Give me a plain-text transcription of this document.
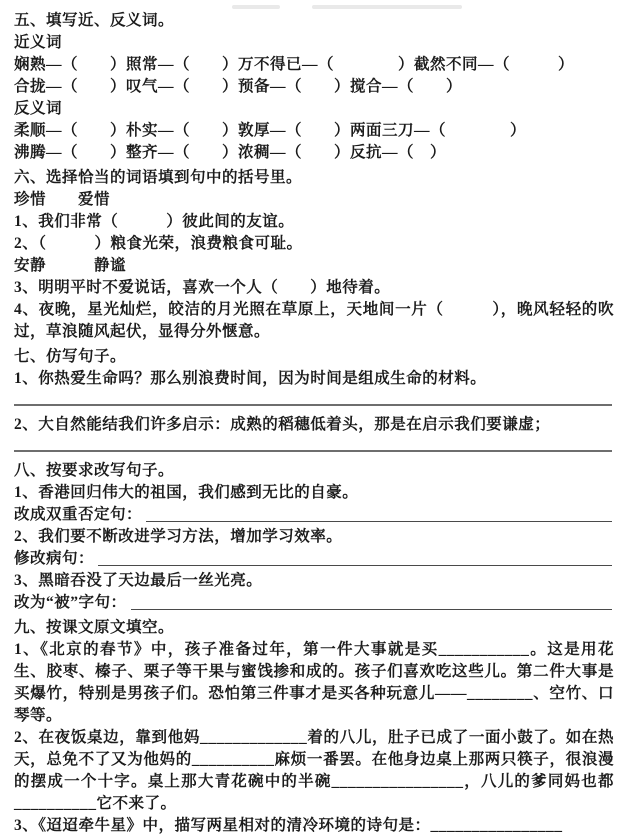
五、填写近、反义词。
近义词
娴熟—（　　）照常—（　　）万不得已—（　　　　）截然不同—（　　　）
合拢—（　　）叹气—（　　）预备—（　　）搅合—（　　）
反义词
柔顺—（　　）朴实—（　　）敦厚—（　　）两面三刀—（　　　　）
沸腾—（　　）整齐—（　　）浓稠—（　　）反抗—（　）
六、选择恰当的词语填到句中的括号里。
珍惜　　爱惜
1、我们非常（　　　）彼此间的友谊。
2、（　　　）粮食光荣，浪费粮食可耻。
安静　　　静谧
3、明明平时不爱说话，喜欢一个人（　　）地待着。
4、夜晚，星光灿烂，皎洁的月光照在草原上，天地间一片（　　　），晚风轻轻的吹过，草浪随风起伏，显得分外惬意。
七、仿写句子。
1、你热爱生命吗？那么别浪费时间，因为时间是组成生命的材料。
2、大自然能结我们许多启示：成熟的稻穗低着头，那是在启示我们要谦虚；
八、按要求改写句子。
1、香港回归伟大的祖国，我们感到无比的自豪。
改成双重否定句：
2、我们要不断改进学习方法，增加学习效率。
修改病句：
3、黑暗吞没了天边最后一丝光亮。
改为“被”字句：
九、按课文原文填空。
1、《北京的春节》中，孩子准备过年，第一件大事就是买___________。这是用花生、胶枣、榛子、栗子等干果与蜜饯掺和成的。孩子们喜欢吃这些儿。第二件大事是买爆竹，特别是男孩子们。恐怕第三件事才是买各种玩意儿——________、空竹、口琴等。
2、在夜饭桌边，靠到他妈_____________着的八儿，肚子已成了一面小鼓了。如在热天，总免不了又为他妈的__________麻烦一番罢。在他身边桌上那两只筷子，很浪漫的摆成一个十字。桌上那大青花碗中的半碗________________，八儿的爹同妈也都__________它不来了。
3、《迢迢牵牛星》中，描写两星相对的清冷环境的诗句是：________________
